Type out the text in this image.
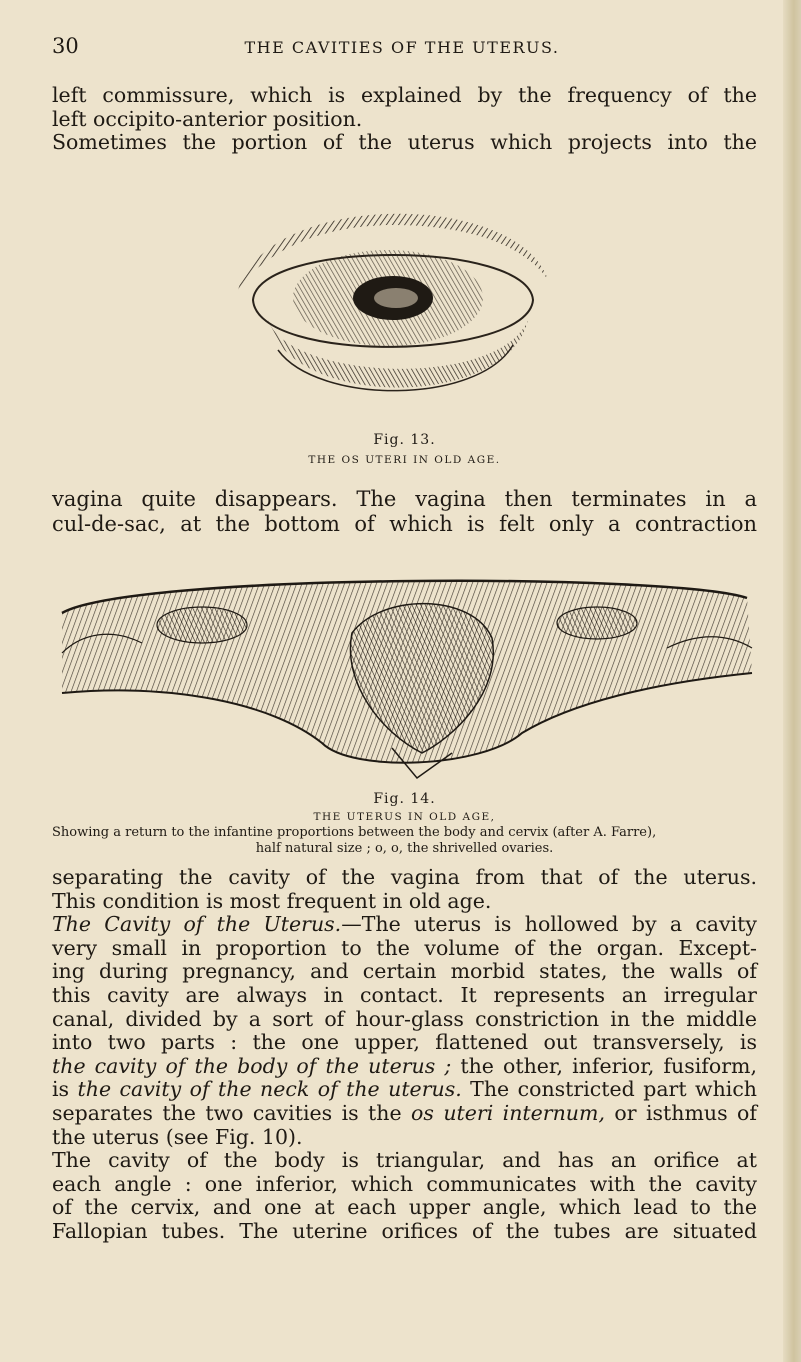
30	THE CAVITIES OF THE UTERUS.
left commissure, which is explained by the frequency of the
left occipito-anterior position.
Sometimes the portion of the uterus which projects into the
Fig. 13.
THE OS UTERI IN OLD AGE.
vagina quite disappears. The vagina then terminates in a
cul-de-sac, at the bottom of which is felt only a contraction
Fig. 14.
THE UTERUS IN OLD AGE,
Showing a return to the infantine proportions between the body and cervix (after A. Farre),
half natural size ; o, o, the shrivelled ovaries.
separating the cavity of the vagina from that of the uterus.
This condition is most frequent in old age.
The Cavity of the Uterus.—The uterus is hollowed by a cavity
very small in proportion to the volume of the organ. Except-
ing during pregnancy, and certain morbid states, the walls of
this cavity are always in contact. It represents an irregular
canal, divided by a sort of hour-glass constriction in the middle
into two parts : the one upper, flattened out transversely, is
the cavity of the body of the uterus ; the other, inferior, fusiform,
is the cavity of the neck of the uterus. The constricted part which
separates the two cavities is the os uteri internum, or isthmus of
the uterus (see Fig. 10).
The cavity of the body is triangular, and has an orifice at
each angle : one inferior, which communicates with the cavity
of the cervix, and one at each upper angle, which lead to the
Fallopian tubes. The uterine orifices of the tubes are situated
